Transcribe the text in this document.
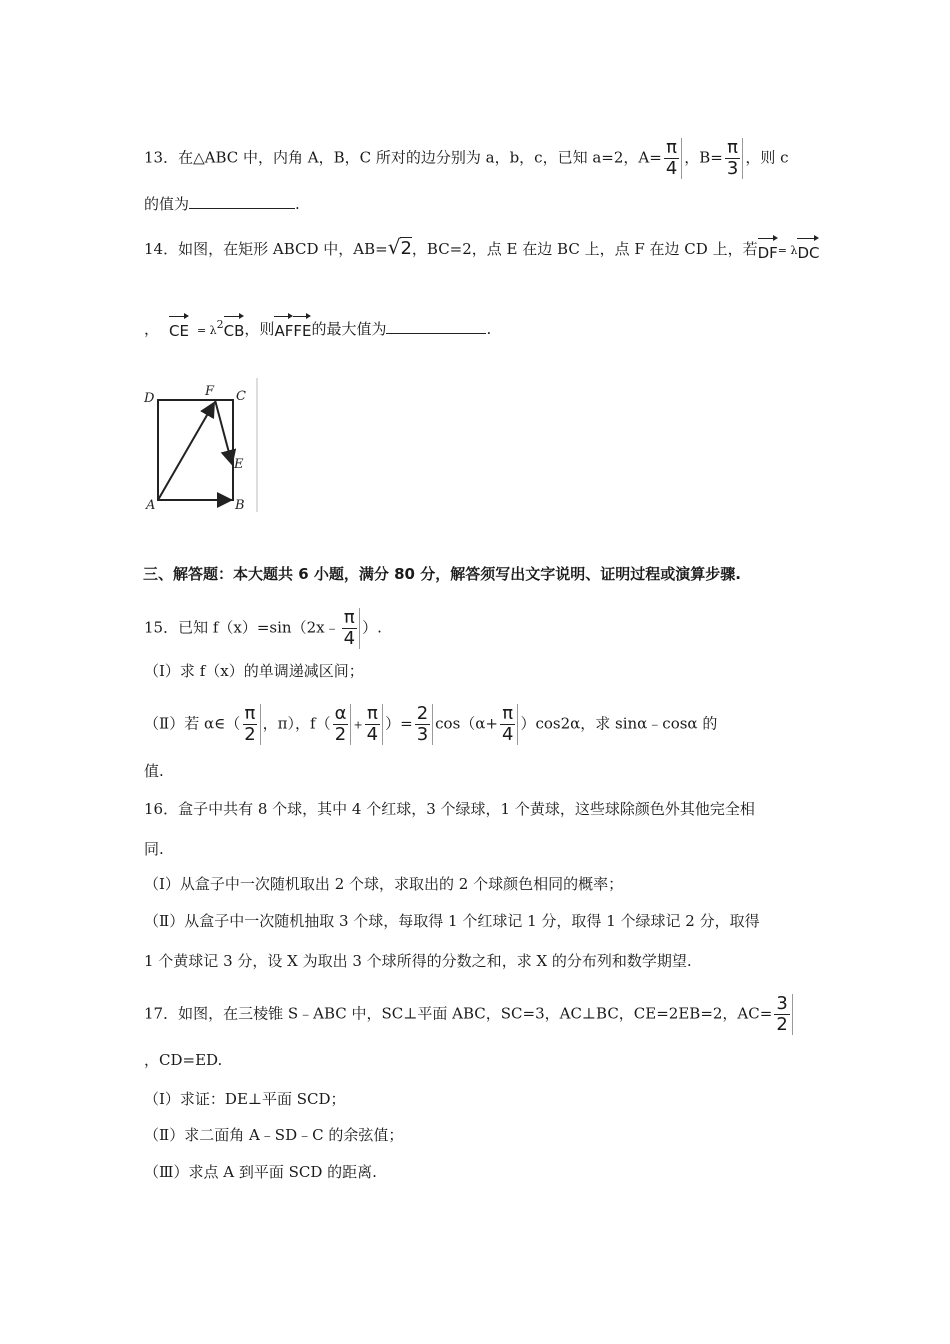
13．在△ABC 中，内角 A，B，C 所对的边分别为 a，b，c，已知 a=2，$A= \frac{\pi}{4}$ ，$B= \frac{\pi}{3}$ ，则 c
的值为	.
14．如图，在矩形 ABCD 中，AB=√2，BC=2，点 E 在边 BC 上，点 F 在边 CD 上，若DF= λDC
， CE = $\lambda^2CB$，则AFFE的最大值为	.
D	F C
E
A	B
三、解答题：本大题共 6 小题，满分 80 分，解答须写出文字说明、证明过程或演算步骤.
15．已知 f（x）=sin（2x﹣ $\frac{\pi}{4}$ ）.
（Ⅰ）求 f（x）的单调递减区间；
（Ⅱ）若 α∈（ $\frac{\pi}{2}$ ，π），$f( \frac{\alpha}{2} + \frac{\pi}{4}$ ）= $\frac{2}{3} \cos(\alpha+ \frac{\pi}{4} )\cos 2\alpha$，求 sinα﹣cosα 的
值.
16．盒子中共有 8 个球，其中 4 个红球，3 个绿球，1 个黄球，这些球除颜色外其他完全相
同.
（Ⅰ）从盒子中一次随机取出 2 个球，求取出的 2 个球颜色相同的概率；
（Ⅱ）从盒子中一次随机抽取 3 个球，每取得 1 个红球记 1 分，取得 1 个绿球记 2 分，取得
1 个黄球记 3 分，设 X 为取出 3 个球所得的分数之和，求 X 的分布列和数学期望.
17．如图，在三棱锥 S﹣ABC 中，SC⊥平面 ABC，SC=3，AC⊥BC，CE=2EB=2，$AC= \frac{3}{2}$
，CD=ED.
（Ⅰ）求证：DE⊥平面 SCD；
（Ⅱ）求二面角 A﹣SD﹣C 的余弦值；
（Ⅲ）求点 A 到平面 SCD 的距离.
